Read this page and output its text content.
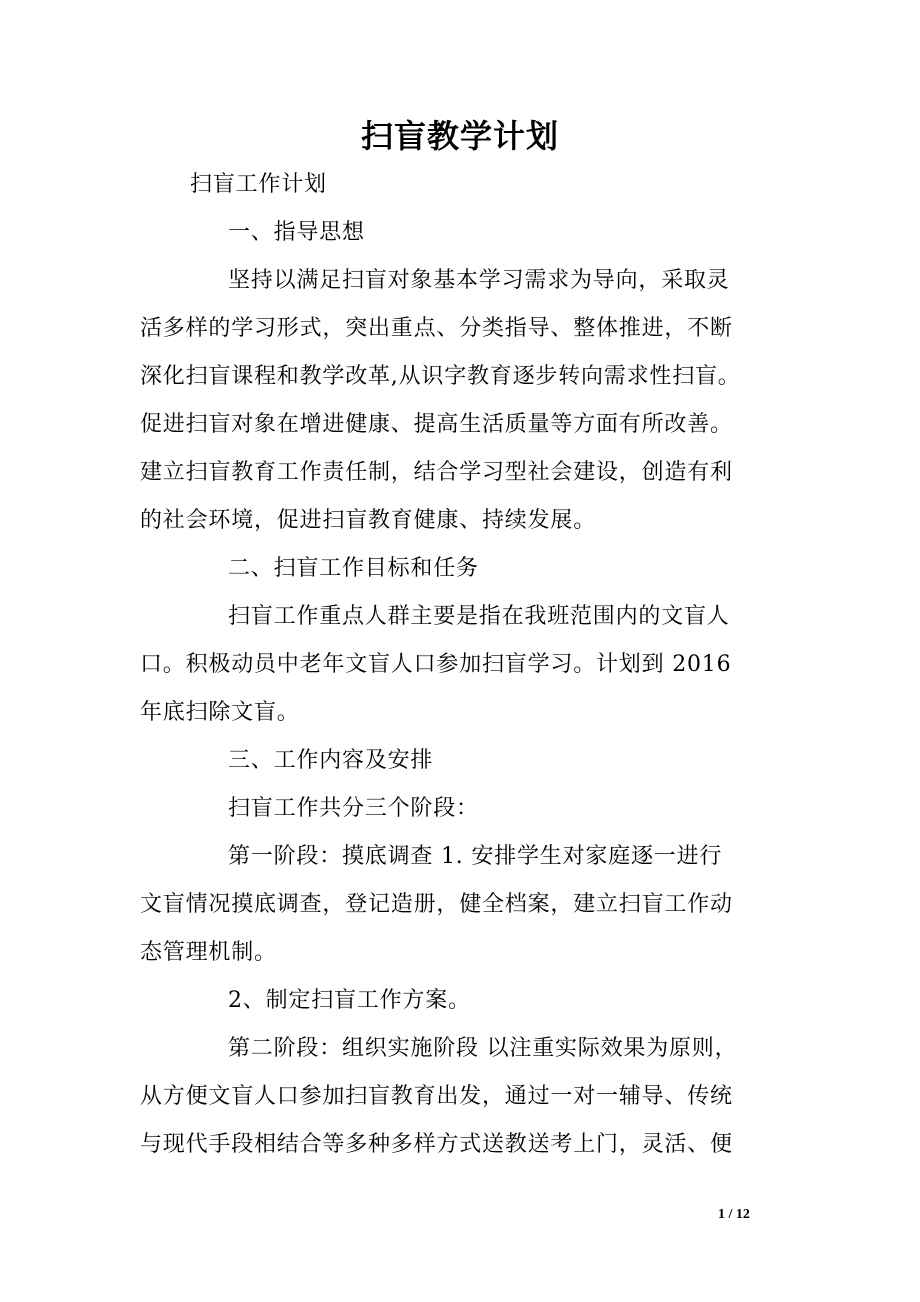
扫盲教学计划
扫盲工作计划
一、指导思想
坚持以满足扫盲对象基本学习需求为导向，采取灵
活多样的学习形式，突出重点、分类指导、整体推进，不断
深化扫盲课程和教学改革,从识字教育逐步转向需求性扫盲。
促进扫盲对象在增进健康、提高生活质量等方面有所改善。
建立扫盲教育工作责任制，结合学习型社会建设，创造有利
的社会环境，促进扫盲教育健康、持续发展。
二、扫盲工作目标和任务
扫盲工作重点人群主要是指在我班范围内的文盲人
口。积极动员中老年文盲人口参加扫盲学习。计划到 2016
年底扫除文盲。
三、工作内容及安排
扫盲工作共分三个阶段：
第一阶段：摸底调查 1. 安排学生对家庭逐一进行
文盲情况摸底调查，登记造册，健全档案，建立扫盲工作动
态管理机制。
2、制定扫盲工作方案。
第二阶段：组织实施阶段 以注重实际效果为原则，
从方便文盲人口参加扫盲教育出发，通过一对一辅导、传统
与现代手段相结合等多种多样方式送教送考上门，灵活、便
1 / 12
